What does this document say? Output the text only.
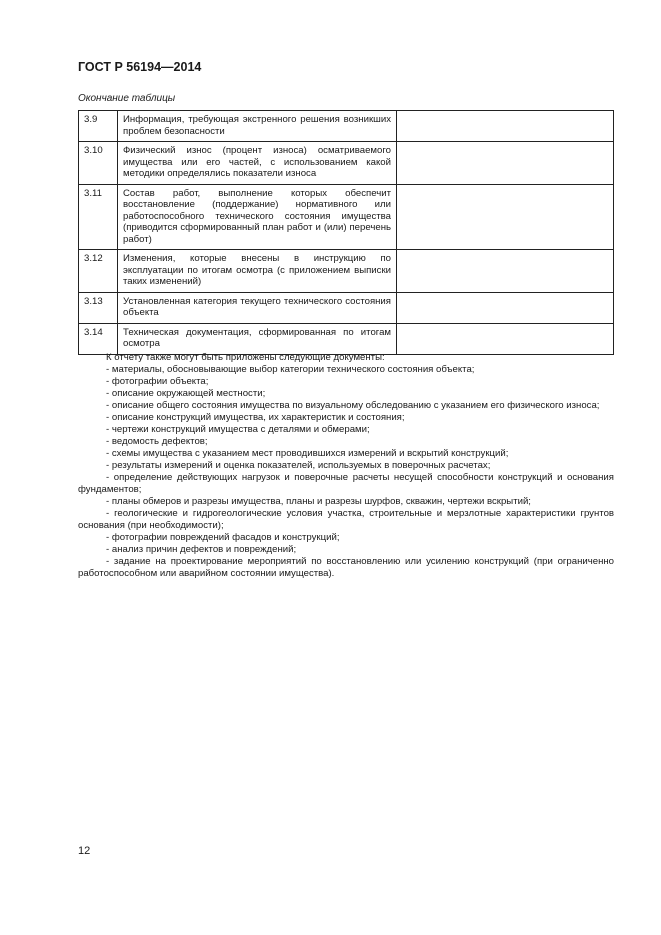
ГОСТ Р 56194—2014
Окончание таблицы
3.9	Информация, требующая экстренного решения возникших проблем безопасности	
3.10	Физический износ (процент износа) осматриваемого имущества или его частей, с использованием какой методики определялись показатели износа	
3.11	Состав работ, выполнение которых обеспечит восстановление (поддержание) нормативного или работоспособного технического состояния имущества (приводится сформированный план работ и (или) перечень работ)	
3.12	Изменения, которые внесены в инструкцию по эксплуатации по итогам осмотра (с приложением выписки таких изменений)	
3.13	Установленная категория текущего технического состояния объекта	
3.14	Техническая документация, сформированная по итогам осмотра	

К отчету также могут быть приложены следующие документы:

- материалы, обосновывающие выбор категории технического состояния объекта;

- фотографии объекта;

- описание окружающей местности;

- описание общего состояния имущества по визуальному обследованию с указанием его физического износа;

- описание конструкций имущества, их характеристик и состояния;

- чертежи конструкций имущества с деталями и обмерами;

- ведомость дефектов;

- схемы имущества с указанием мест проводившихся измерений и вскрытий конструкций;

- результаты измерений и оценка показателей, используемых в поверочных расчетах;

- определение действующих нагрузок и поверочные расчеты несущей способности конструкций и основания фундаментов;

- планы обмеров и разрезы имущества, планы и разрезы шурфов, скважин, чертежи вскрытий;

- геологические и гидрогеологические условия участка, строительные и мерзлотные характеристики грунтов основания (при необходимости);

- фотографии повреждений фасадов и конструкций;

- анализ причин дефектов и повреждений;

- задание на проектирование мероприятий по восстановлению или усилению конструкций (при ограниченно работоспособном или аварийном состоянии имущества).

12
